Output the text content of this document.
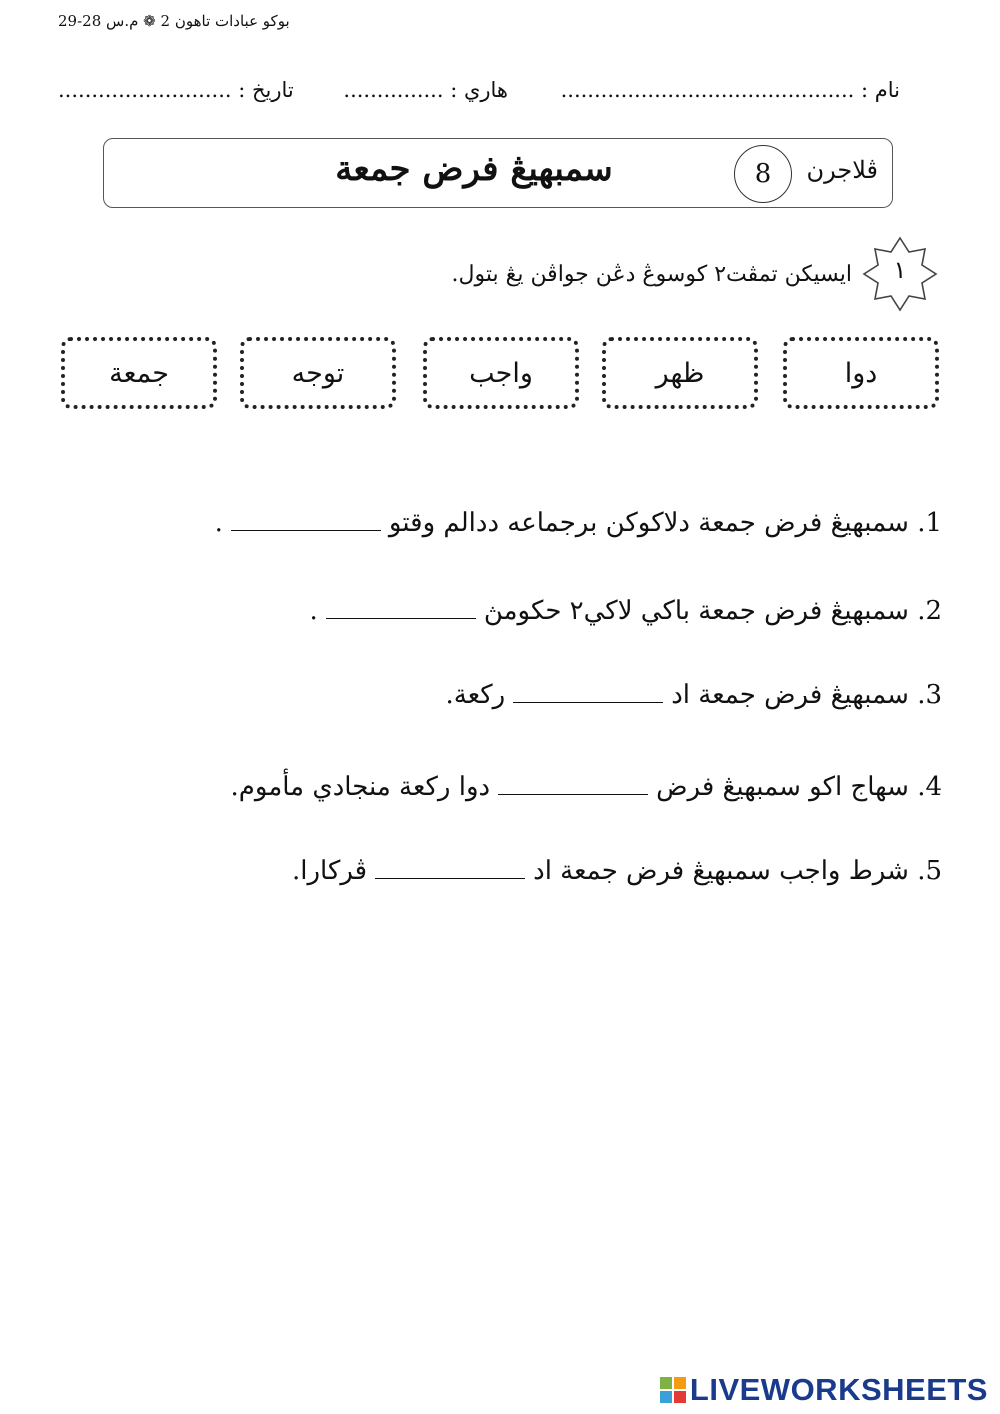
بوكو عبادات تاهون 2 ❁ م.س 28-29
نام : ............................................
هاري : ...............
تاريخ : ..........................
ڤلاجرن
8
سمبهيڠ فرض جمعة
١
ايسيكن تمڤت٢ كوسوڠ دڠن جواڤن يڠ بتول.
دوا
ظهر
واجب
توجه
جمعة
1. سمبهيڠ فرض جمعة دلاكوكن برجماعه ددالم وقتو.
2. سمبهيڠ فرض جمعة باكي لاكي٢ حكومڽ.
3. سمبهيڠ فرض جمعة ادركعة.
4. سهاج اكو سمبهيڠ فرضدوا ركعة منجادي مأموم.
5. شرط واجب سمبهيڠ فرض جمعة ادڤركارا.
LIVEWORKSHEETS
